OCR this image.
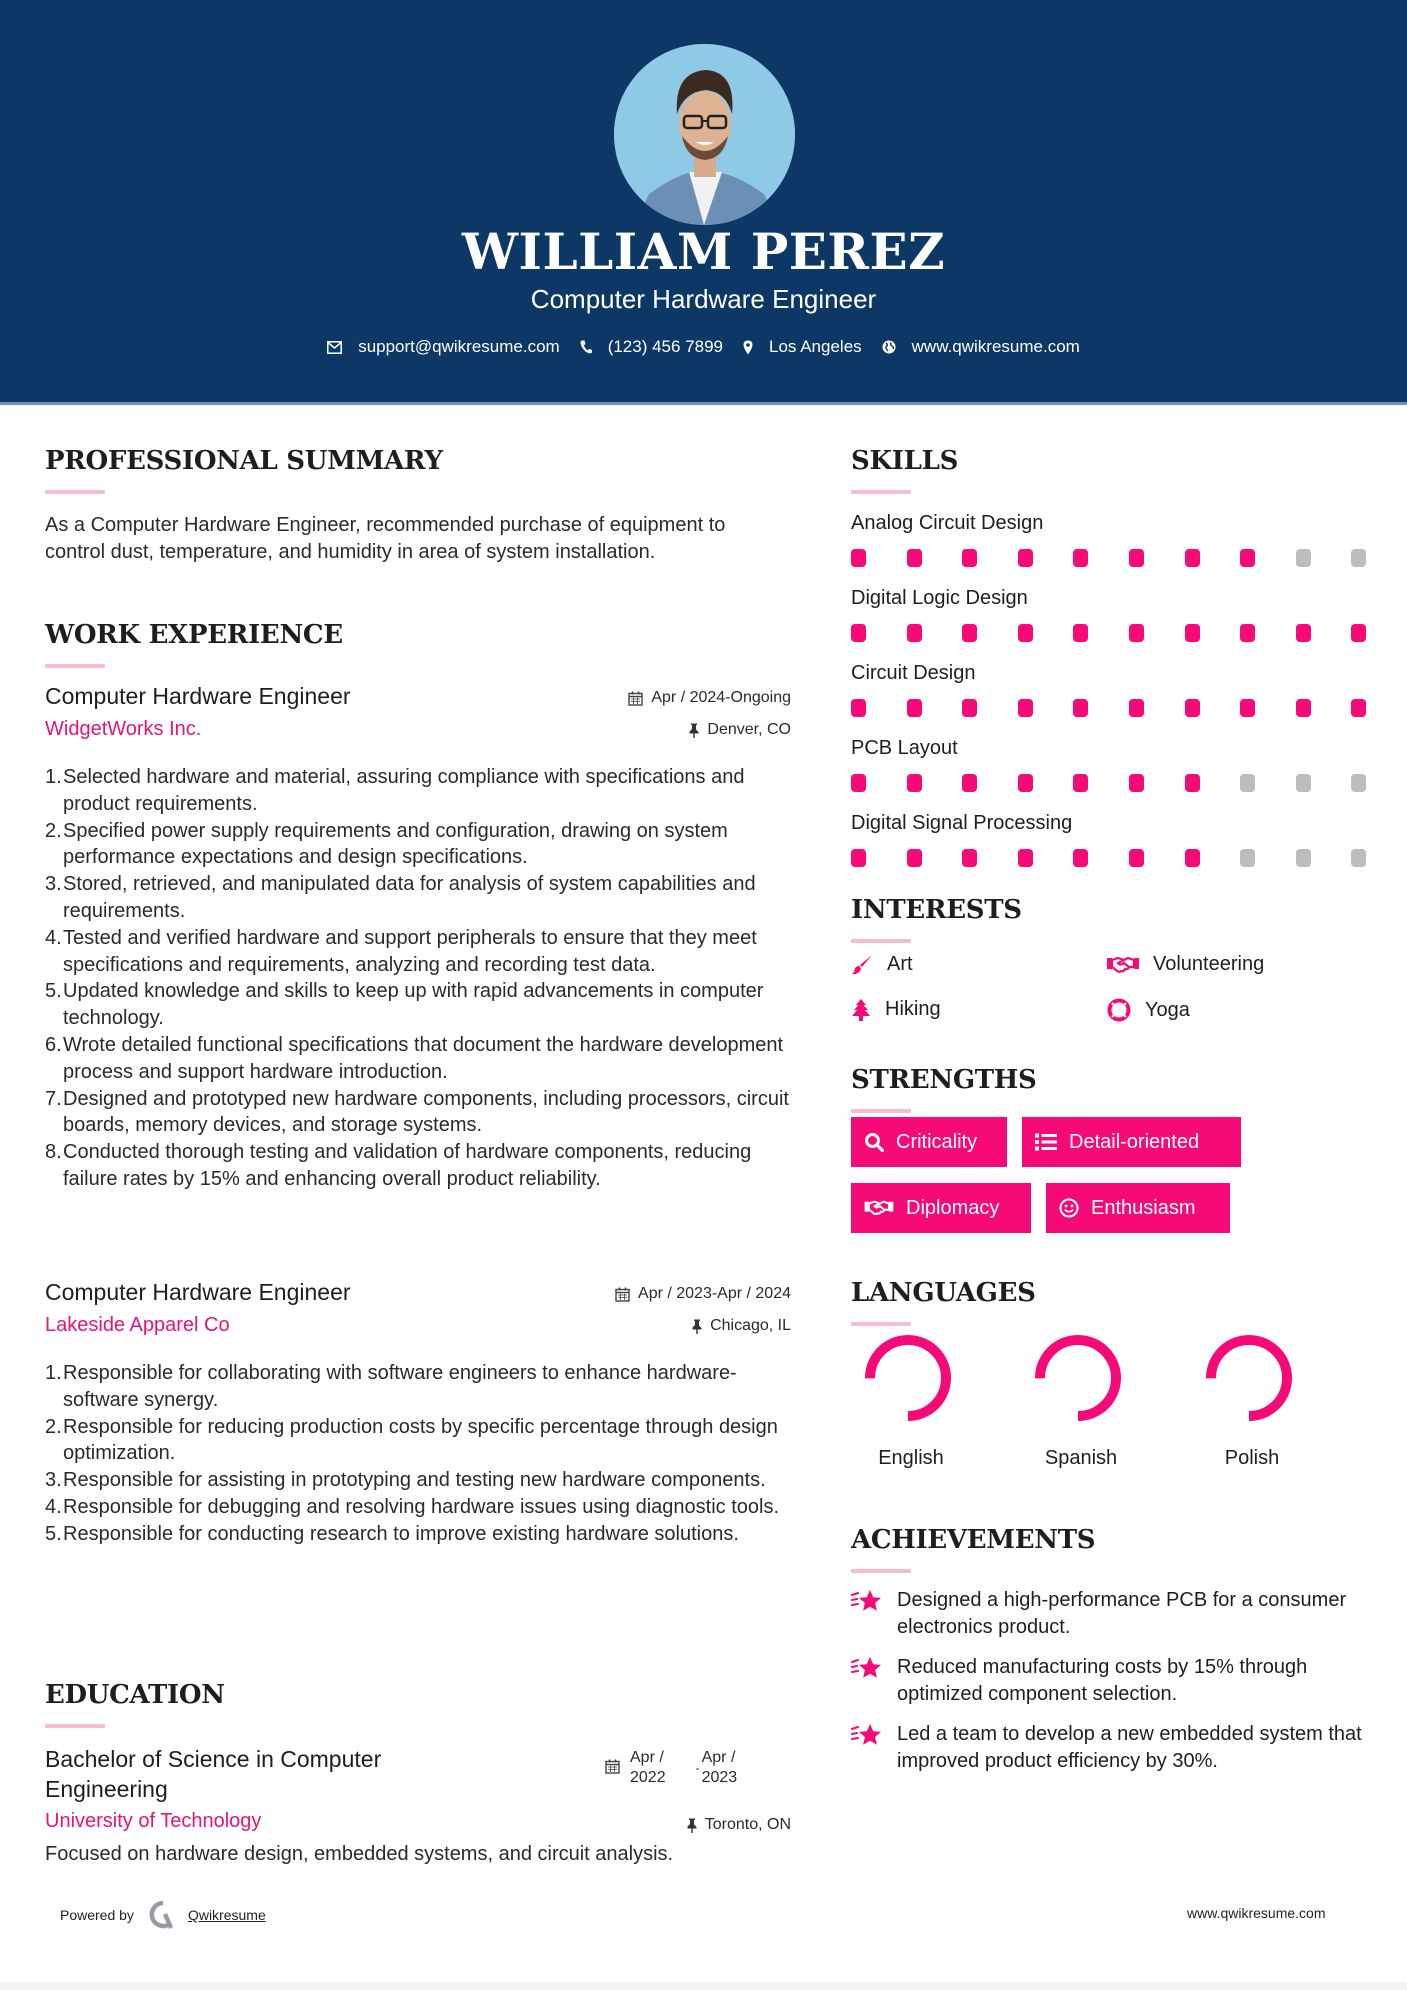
WILLIAM PEREZ
Computer Hardware Engineer
support@qwikresume.com	(123) 456 7899	Los Angeles	www.qwikresume.com
PROFESSIONAL SUMMARY
As a Computer Hardware Engineer, recommended purchase of equipment to control dust, temperature, and humidity in area of system installation.
WORK EXPERIENCE
Computer Hardware Engineer
WidgetWorks Inc.
Apr / 2024-Ongoing
Denver, CO
1. Selected hardware and material, assuring compliance with specifications and product requirements.
2. Specified power supply requirements and configuration, drawing on system performance expectations and design specifications.
3. Stored, retrieved, and manipulated data for analysis of system capabilities and requirements.
4. Tested and verified hardware and support peripherals to ensure that they meet specifications and requirements, analyzing and recording test data.
5. Updated knowledge and skills to keep up with rapid advancements in computer technology.
6. Wrote detailed functional specifications that document the hardware development process and support hardware introduction.
7. Designed and prototyped new hardware components, including processors, circuit boards, memory devices, and storage systems.
8. Conducted thorough testing and validation of hardware components, reducing failure rates by 15% and enhancing overall product reliability.
Computer Hardware Engineer
Lakeside Apparel Co
Apr / 2023-Apr / 2024
Chicago, IL
1. Responsible for collaborating with software engineers to enhance hardware-software synergy.
2. Responsible for reducing production costs by specific percentage through design optimization.
3. Responsible for assisting in prototyping and testing new hardware components.
4. Responsible for debugging and resolving hardware issues using diagnostic tools.
5. Responsible for conducting research to improve existing hardware solutions.
EDUCATION
Bachelor of Science in Computer
Engineering
University of Technology
Apr /
2022
-
Apr /
2023
Toronto, ON
Focused on hardware design, embedded systems, and circuit analysis.
SKILLS
Analog Circuit Design
Digital Logic Design
Circuit Design
PCB Layout
Digital Signal Processing
INTERESTS
Art	Volunteering
Hiking	Yoga
STRENGTHS
Criticality	Detail-oriented
Diplomacy	Enthusiasm
LANGUAGES
English	Spanish	Polish
ACHIEVEMENTS
Designed a high-performance PCB for a consumer electronics product.
Reduced manufacturing costs by 15% through optimized component selection.
Led a team to develop a new embedded system that improved product efficiency by 30%.
Powered by	Qwikresume	www.qwikresume.com
